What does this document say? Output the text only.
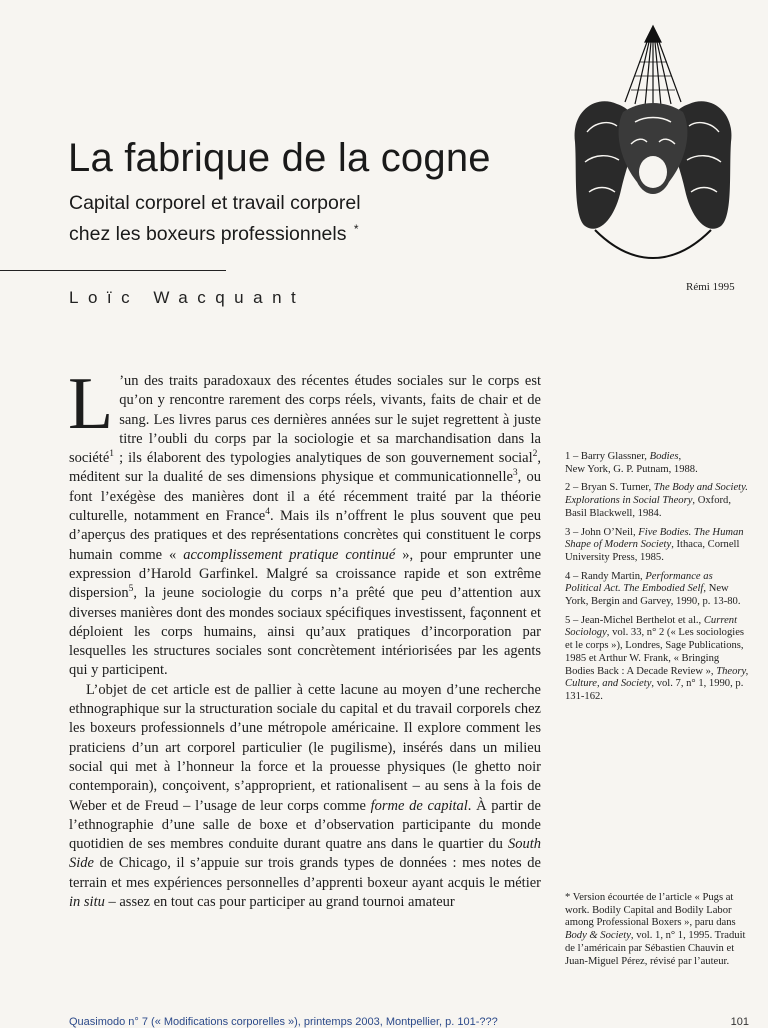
La fabrique de la cogne
Capital corporel et travail corporel
chez les boxeurs professionnels *
Loïc Wacquant
Rémi 1995

L ’un des traits paradoxaux des récentes études sociales sur le corps est qu’on y rencontre rarement des corps réels, vivants, faits de chair et de sang. Les livres parus ces dernières années sur le sujet regrettent à juste titre l’oubli du corps par la sociologie et sa marchandisation dans la société$^1$ ; ils élaborent des typologies analytiques de son gouvernement social$^2$, méditent sur la dualité de ses dimensions physique et communicationnelle$^3$, ou font l’exégèse des manières dont il a été récemment traité par la théorie culturelle, notamment en France$^4$. Mais ils n’offrent le plus souvent que peu d’aperçus des pratiques et des représentations concrètes qui constituent le corps humain comme « accomplissement pratique continué », pour emprunter une expression d’Harold Garfinkel. Malgré sa croissance rapide et son extrême dispersion$^5$, la jeune sociologie du corps n’a prêté que peu d’attention aux diverses manières dont des mondes sociaux spécifiques investissent, façonnent et déploient les corps humains, ainsi qu’aux pratiques d’incorporation par lesquelles les structures sociales sont concrètement intériorisées par les agents qui y participent.

L’objet de cet article est de pallier à cette lacune au moyen d’une recherche ethnographique sur la structuration sociale du capital et du travail corporels chez les boxeurs professionnels d’une métropole américaine. Il explore comment les praticiens d’un art corporel particulier (le pugilisme), insérés dans un milieu social qui met à l’honneur la force et la prouesse physiques (le ghetto noir contemporain), conçoivent, s’approprient, et rationalisent – au sens à la fois de Weber et de Freud – l’usage de leur corps comme forme de capital. À partir de l’ethnographie d’une salle de boxe et d’observation participante du monde quotidien de ses membres conduite durant quatre ans dans le quartier du South Side de Chicago, il s’appuie sur trois grands types de données : mes notes de terrain et mes expériences personnelles d’apprenti boxeur ayant acquis le métier in situ – assez en tout cas pour participer au grand tournoi amateur

1 – Barry Glassner, Bodies,
New York, G. P. Putnam, 1988.

2 – Bryan S. Turner, The Body and Society. Explorations in Social Theory, Oxford, Basil Blackwell, 1984.

3 – John O’Neil, Five Bodies. The Human Shape of Modern Society, Ithaca, Cornell University Press, 1985.

4 – Randy Martin, Performance as Political Act. The Embodied Self, New York, Bergin and Garvey, 1990, p. 13-80.

5 – Jean-Michel Berthelot et al., Current Sociology, vol. 33, n° 2 (« Les sociologies et le corps »), Londres, Sage Publications, 1985 et Arthur W. Frank, « Bringing Bodies Back : A Decade Review », Theory, Culture, and Society, vol. 7, n° 1, 1990, p. 131-162.

* Version écourtée de l’article « Pugs at work. Bodily Capital and Bodily Labor among Professional Boxers », paru dans Body & Society, vol. 1, n° 1, 1995. Traduit de l’américain par Sébastien Chauvin et Juan-Miguel Pérez, révisé par l’auteur.
Quasimodo n° 7 (« Modifications corporelles »), printemps 2003, Montpellier, p. 101-???	101
